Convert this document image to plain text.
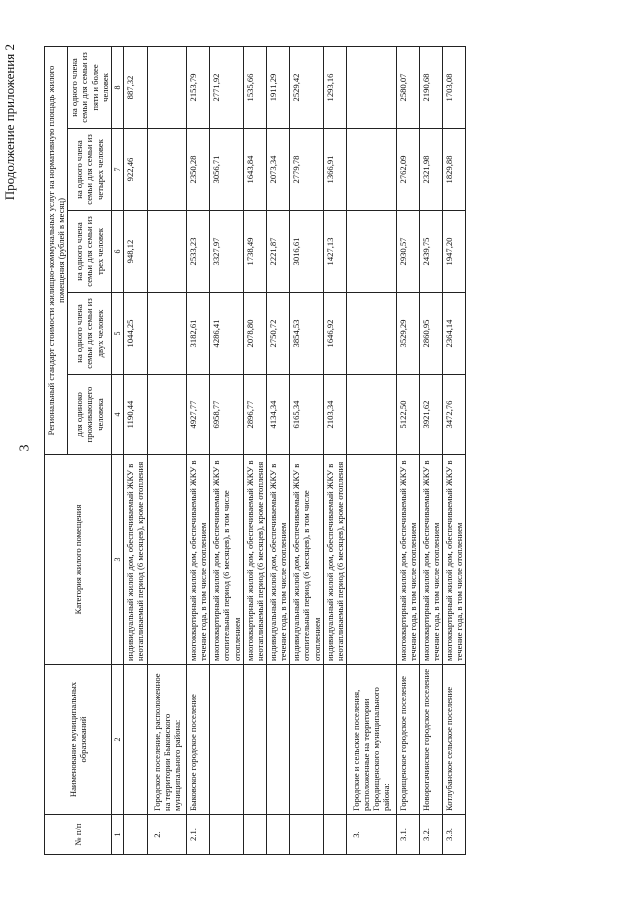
3
Продолжение приложения 2
№ п/п	Наименование муниципальных образований	Категория жилого помещения	Региональный стандарт стоимости жилищно-коммунальных услуг на нормативную площадь жилого помещения (рублей в месяц)				
			для одиноко проживающего человека	на одного члена семьи для семьи из двух человек	на одного члена семьи для семьи из трех человек	на одного члена семьи для семьи из четырех человек	на одного члена семьи для семьи из пяти и более человек
1	2	3	4	5	6	7	8
		индивидуальный жилой дом, обеспечиваемый ЖКУ в неотапливаемый период (6 месяцев), кроме отопления	1190,44	1044,25	948,12	922,46	887,32
2.	Городское поселение, расположенное на территории Быковского муниципального района:						
2.1.	Быковское городское поселение	многоквартирный жилой дом, обеспечиваемый ЖКУ в течение года, в том числе отоплением	4927,77	3182,61	2533,23	2350,28	2153,79
		многоквартирный жилой дом, обеспечиваемый ЖКУ в отопительный период (6 месяцев), в том числе отоплением	6958,77	4286,41	3327,97	3056,71	2771,92
		многоквартирный жилой дом, обеспечиваемый ЖКУ в неотапливаемый период (6 месяцев), кроме отопления	2896,77	2078,80	1738,49	1643,84	1535,66
		индивидуальный жилой дом, обеспечиваемый ЖКУ в течение года, в том числе отоплением	4134,34	2750,72	2221,87	2073,34	1911,29
		индивидуальный жилой дом, обеспечиваемый ЖКУ в отопительный период (6 месяцев), в том числе отоплением	6165,34	3854,53	3016,61	2779,78	2529,42
		индивидуальный жилой дом, обеспечиваемый ЖКУ в неотапливаемый период (6 месяцев), кроме отопления	2103,34	1646,92	1427,13	1366,91	1293,16
3.	Городские и сельские поселения, расположенные на территории Городищенского муниципального района:						
3.1.	Городищенское городское поселение	многоквартирный жилой дом, обеспечиваемый ЖКУ в течение года, в том числе отоплением	5122,50	3529,29	2930,57	2762,09	2580,07
3.2.	Новорогачинское городское поселение	многоквартирный жилой дом, обеспечиваемый ЖКУ в течение года, в том числе отоплением	3921,62	2860,95	2439,75	2321,98	2190,68
3.3.	Котлубанское сельское поселение	многоквартирный жилой дом, обеспечиваемый ЖКУ в течение года, в том числе отоплением	3472,76	2364,14	1947,20	1829,88	1703,08
